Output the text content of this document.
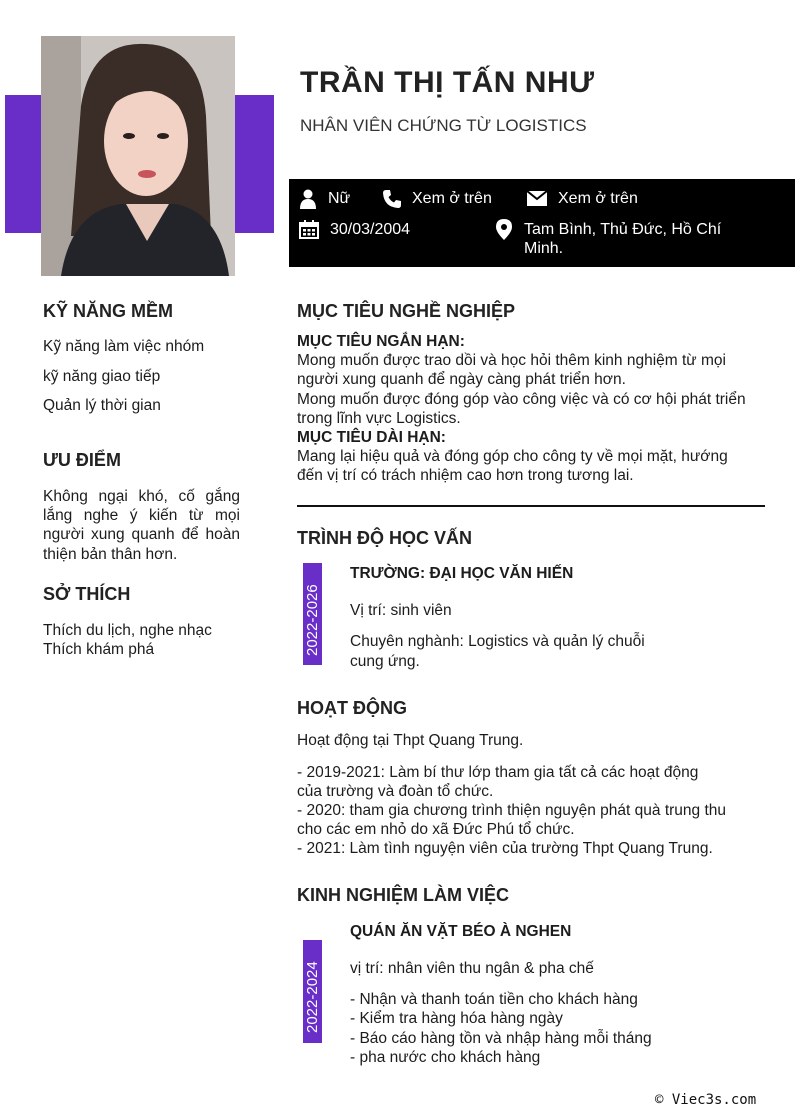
TRẦN THỊ TẤN NHƯ
NHÂN VIÊN CHỨNG TỪ LOGISTICS
Nữ	Xem ở trên	Xem ở trên
30/03/2004	Tam Bình, Thủ Đức, Hồ Chí
Minh.
KỸ NĂNG MỀM
Kỹ năng làm việc nhóm
kỹ năng giao tiếp
Quản lý thời gian
ƯU ĐIỂM
Không ngại khó, cố gắng
lắng nghe ý kiến từ mọi
người xung quanh để hoàn
thiện bản thân hơn.
SỞ THÍCH
Thích du lịch, nghe nhạc
Thích khám phá
MỤC TIÊU NGHỀ NGHIỆP
MỤC TIÊU NGẮN HẠN:
Mong muốn được trao dồi và học hỏi thêm kinh nghiệm từ mọi
người xung quanh để ngày càng phát triển hơn.
Mong muốn được đóng góp vào công việc và có cơ hội phát triển
trong lĩnh vực Logistics.
MỤC TIÊU DÀI HẠN:
Mang lại hiệu quả và đóng góp cho công ty về mọi mặt, hướng
đến vị trí có trách nhiệm cao hơn trong tương lai.
TRÌNH ĐỘ HỌC VẤN
2022-2026
TRƯỜNG: ĐẠI HỌC VĂN HIẾN
Vị trí: sinh viên
Chuyên nghành: Logistics và quản lý chuỗi
cung ứng.
HOẠT ĐỘNG
Hoạt động tại Thpt Quang Trung.
- 2019-2021: Làm bí thư lớp tham gia tất cả các hoạt động
của trường và đoàn tổ chức.
- 2020: tham gia chương trình thiện nguyện phát quà trung thu
cho các em nhỏ do xã Đức Phú tổ chức.
- 2021: Làm tình nguyện viên của trường Thpt Quang Trung.
KINH NGHIỆM LÀM VIỆC
2022-2024
QUÁN ĂN VẶT BÉO À NGHEN
vị trí: nhân viên thu ngân & pha chế
- Nhận và thanh toán tiền cho khách hàng
- Kiểm tra hàng hóa hàng ngày
- Báo cáo hàng tồn và nhập hàng mỗi tháng
- pha nước cho khách hàng
© Viec3s.com
